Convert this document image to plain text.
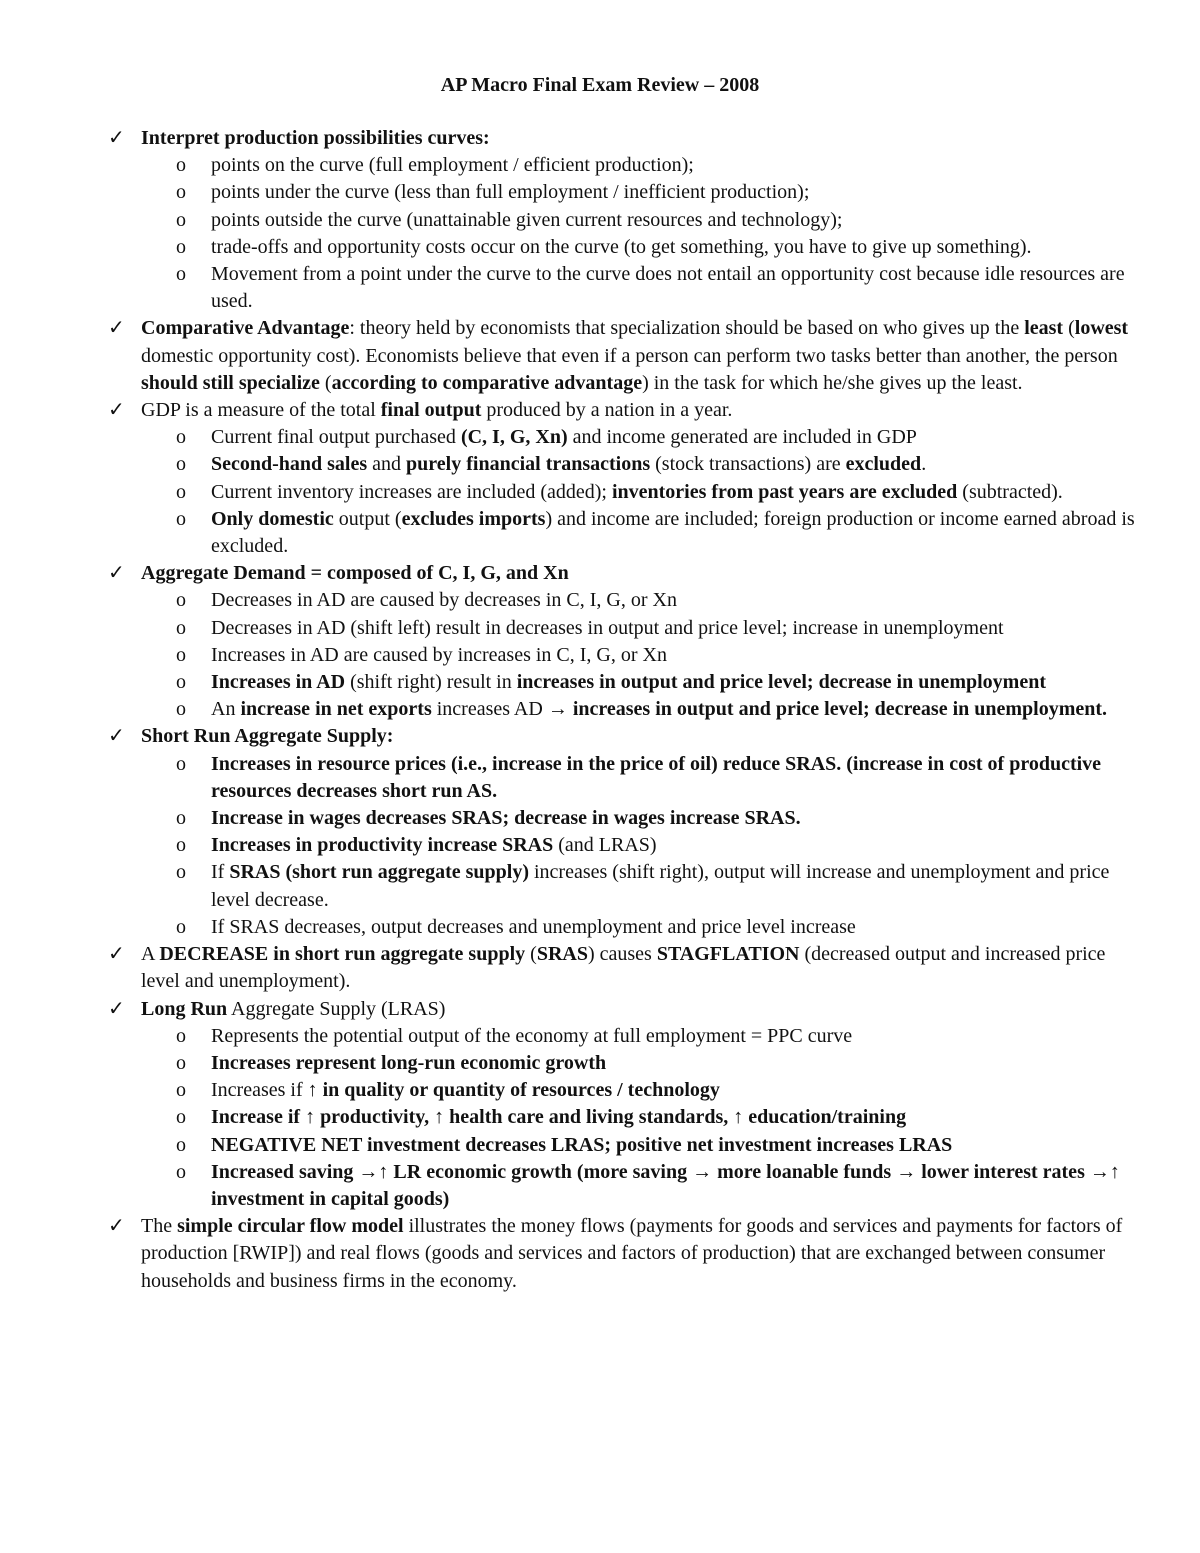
AP Macro Final Exam Review – 2008
✓ Interpret production possibilities curves:
o	points on the curve (full employment / efficient production);
o	points under the curve (less than full employment / inefficient production);
o	points outside the curve (unattainable given current resources and technology);
o	trade-offs and opportunity costs occur on the curve (to get something, you have to give up something).
o	Movement from a point under the curve to the curve does not entail an opportunity cost because idle resources are used.
✓ Comparative Advantage: theory held by economists that specialization should be based on who gives up the least (lowest domestic opportunity cost). Economists believe that even if a person can perform two tasks better than another, the person should still specialize (according to comparative advantage) in the task for which he/she gives up the least.
✓ GDP is a measure of the total final output produced by a nation in a year.
o	Current final output purchased (C, I, G, Xn) and income generated are included in GDP
o	Second-hand sales and purely financial transactions (stock transactions) are excluded.
o	Current inventory increases are included (added); inventories from past years are excluded (subtracted).
o	Only domestic output (excludes imports) and income are included; foreign production or income earned abroad is excluded.
✓ Aggregate Demand = composed of C, I, G, and Xn
o	Decreases in AD are caused by decreases in C, I, G, or Xn
o	Decreases in AD (shift left) result in decreases in output and price level; increase in unemployment
o	Increases in AD are caused by increases in C, I, G, or Xn
o	Increases in AD (shift right) result in increases in output and price level; decrease in unemployment
o	An increase in net exports increases AD → increases in output and price level; decrease in unemployment.
✓ Short Run Aggregate Supply:
o	Increases in resource prices (i.e., increase in the price of oil) reduce SRAS. (increase in cost of productive resources decreases short run AS.
o	Increase in wages decreases SRAS; decrease in wages increase SRAS.
o	Increases in productivity increase SRAS (and LRAS)
o	If SRAS (short run aggregate supply) increases (shift right), output will increase and unemployment and price level decrease.
o	If SRAS decreases, output decreases and unemployment and price level increase
✓ A DECREASE in short run aggregate supply (SRAS) causes STAGFLATION (decreased output and increased price level and unemployment).
✓ Long Run Aggregate Supply (LRAS)
o	Represents the potential output of the economy at full employment = PPC curve
o	Increases represent long-run economic growth
o	Increases if ↑ in quality or quantity of resources / technology
o	Increase if ↑ productivity, ↑ health care and living standards, ↑ education/training
o	NEGATIVE NET investment decreases LRAS; positive net investment increases LRAS
o	Increased saving →↑ LR economic growth (more saving → more loanable funds → lower interest rates →↑ investment in capital goods)
✓ The simple circular flow model illustrates the money flows (payments for goods and services and payments for factors of production [RWIP]) and real flows (goods and services and factors of production) that are exchanged between consumer households and business firms in the economy.
